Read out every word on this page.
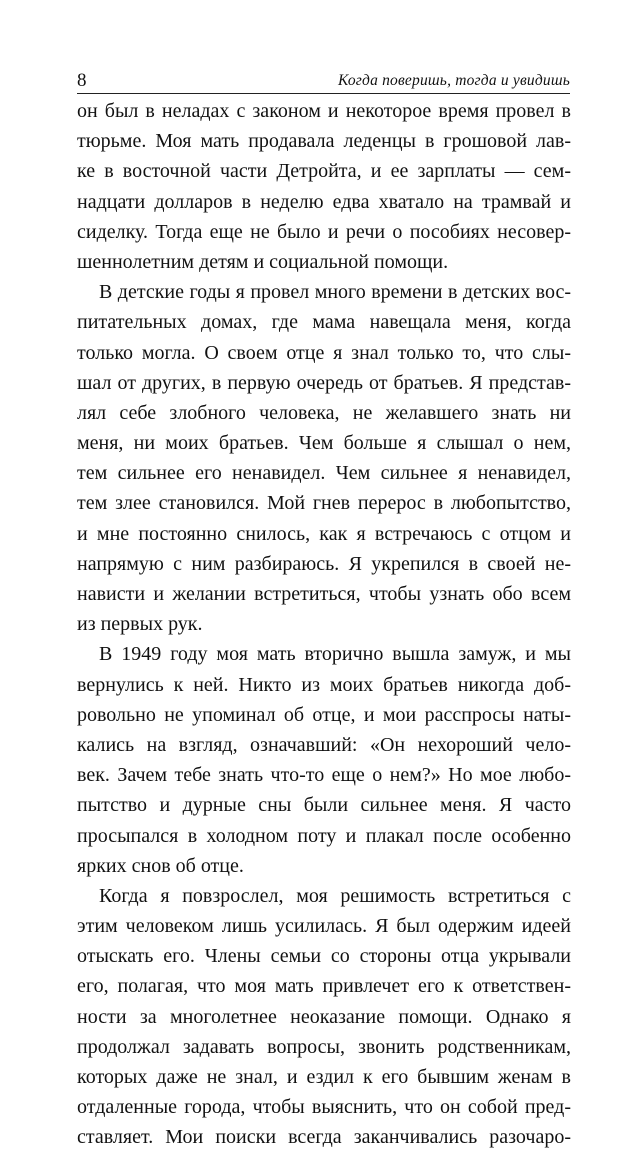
8	Когда поверишь, тогда и увидишь
он был в неладах с законом и некоторое время провел в
тюрьме. Моя мать продавала леденцы в грошовой лав-
ке в восточной части Детройта, и ее зарплаты — сем-
надцати долларов в неделю едва хватало на трамвай и
сиделку. Тогда еще не было и речи о пособиях несовер-
шеннолетним детям и социальной помощи.
В детские годы я провел много времени в детских вос-
питательных домах, где мама навещала меня, когда
только могла. О своем отце я знал только то, что слы-
шал от других, в первую очередь от братьев. Я представ-
лял себе злобного человека, не желавшего знать ни
меня, ни моих братьев. Чем больше я слышал о нем,
тем сильнее его ненавидел. Чем сильнее я ненавидел,
тем злее становился. Мой гнев перерос в любопытство,
и мне постоянно снилось, как я встречаюсь с отцом и
напрямую с ним разбираюсь. Я укрепился в своей не-
нависти и желании встретиться, чтобы узнать обо всем
из первых рук.
В 1949 году моя мать вторично вышла замуж, и мы
вернулись к ней. Никто из моих братьев никогда доб-
ровольно не упоминал об отце, и мои расспросы наты-
кались на взгляд, означавший: «Он нехороший чело-
век. Зачем тебе знать что-то еще о нем?» Но мое любо-
пытство и дурные сны были сильнее меня. Я часто
просыпался в холодном поту и плакал после особенно
ярких снов об отце.
Когда я повзрослел, моя решимость встретиться с
этим человеком лишь усилилась. Я был одержим идеей
отыскать его. Члены семьи со стороны отца укрывали
его, полагая, что моя мать привлечет его к ответствен-
ности за многолетнее неоказание помощи. Однако я
продолжал задавать вопросы, звонить родственникам,
которых даже не знал, и ездил к его бывшим женам в
отдаленные города, чтобы выяснить, что он собой пред-
ставляет. Мои поиски всегда заканчивались разочаро-
